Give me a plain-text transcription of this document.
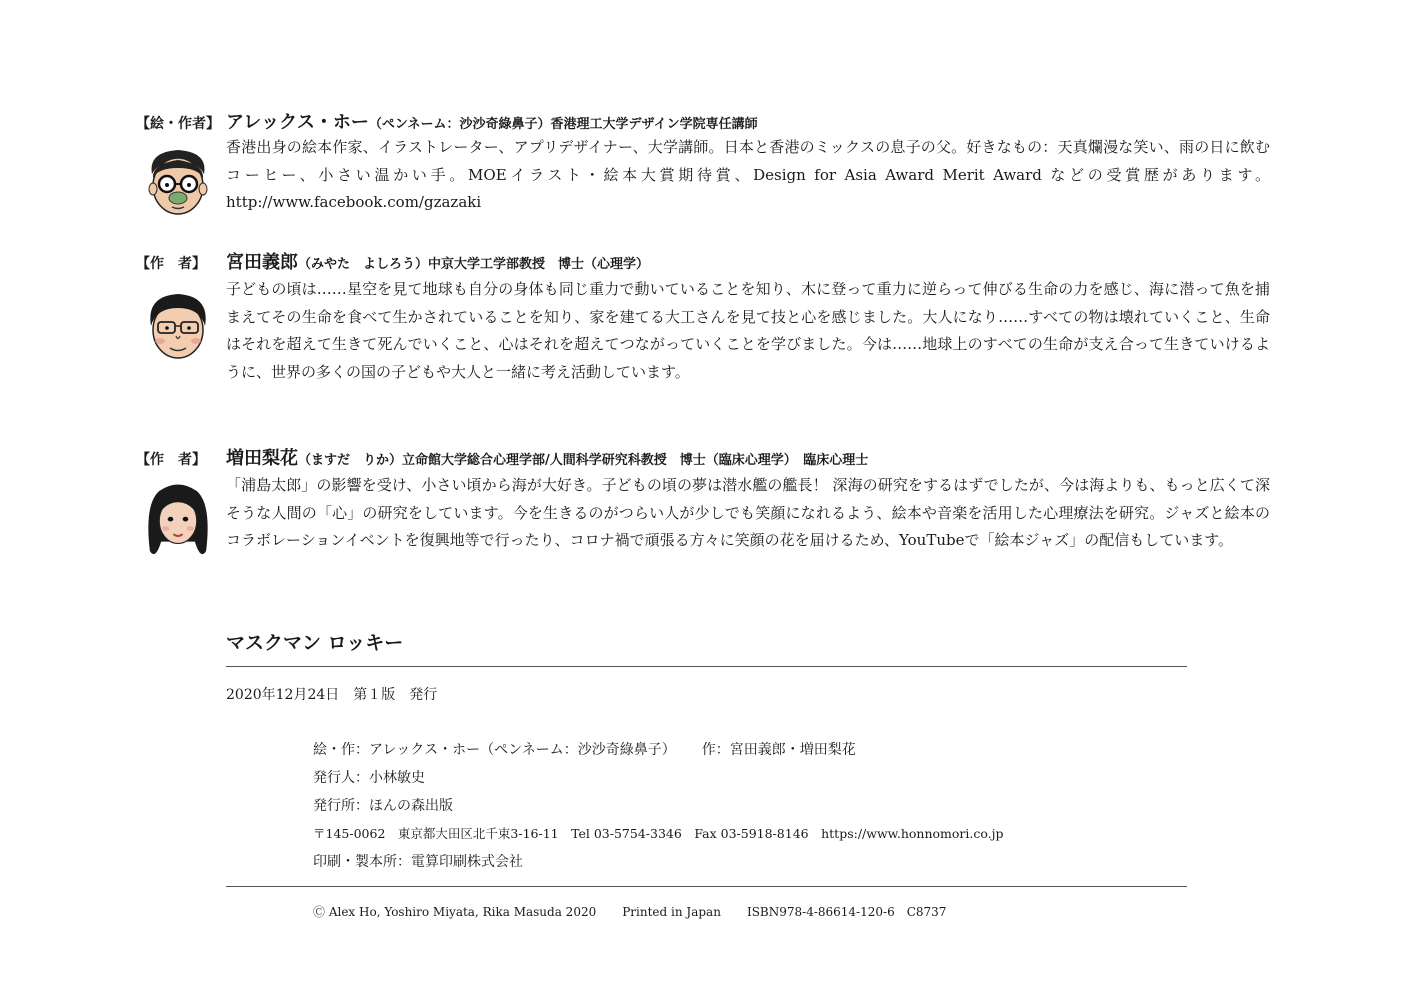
【絵・作者】 アレックス・ホー（ペンネーム：沙沙奇綠鼻子）香港理工大学デザイン学院専任講師
香港出身の絵本作家、イラストレーター、アプリデザイナー、大学講師。日本と香港のミックスの息子の父。好きなもの：天真爛漫な笑い、雨の日に飲むコーヒー、小さい温かい手。MOEイラスト・絵本大賞期待賞、Design for Asia Award Merit Award などの受賞歴があります。http://www.facebook.com/gzazaki
【作　者】 宮田義郎（みやた　よしろう）中京大学工学部教授　博士（心理学）
子どもの頃は……星空を見て地球も自分の身体も同じ重力で動いていることを知り、木に登って重力に逆らって伸びる生命の力を感じ、海に潜って魚を捕まえてその生命を食べて生かされていることを知り、家を建てる大工さんを見て技と心を感じました。大人になり……すべての物は壊れていくこと、生命はそれを超えて生きて死んでいくこと、心はそれを超えてつながっていくことを学びました。今は……地球上のすべての生命が支え合って生きていけるように、世界の多くの国の子どもや大人と一緒に考え活動しています。
【作　者】 増田梨花（ますだ　りか）立命館大学総合心理学部/人間科学研究科教授　博士（臨床心理学）　臨床心理士
「浦島太郎」の影響を受け、小さい頃から海が大好き。子どもの頃の夢は潜水艦の艦長！ 深海の研究をするはずでしたが、今は海よりも、もっと広くて深そうな人間の「心」の研究をしています。今を生きるのがつらい人が少しでも笑顔になれるよう、絵本や音楽を活用した心理療法を研究。ジャズと絵本のコラボレーションイベントを復興地等で行ったり、コロナ禍で頑張る方々に笑顔の花を届けるため、YouTubeで「絵本ジャズ」の配信もしています。
マスクマン ロッキー
2020年12月24日　第１版　発行
絵・作：アレックス・ホー（ペンネーム：沙沙奇綠鼻子） 作：宮田義郎・増田梨花
発行人：小林敏史
発行所：ほんの森出版
〒145-0062　東京都大田区北千束3-16-11　Tel 03-5754-3346　Fax 03-5918-8146　https://www.honnomori.co.jp
印刷・製本所：電算印刷株式会社
Ⓒ Alex Ho, Yoshiro Miyata, Rika Masuda 2020 Printed in Japan ISBN978-4-86614-120-6　C8737
